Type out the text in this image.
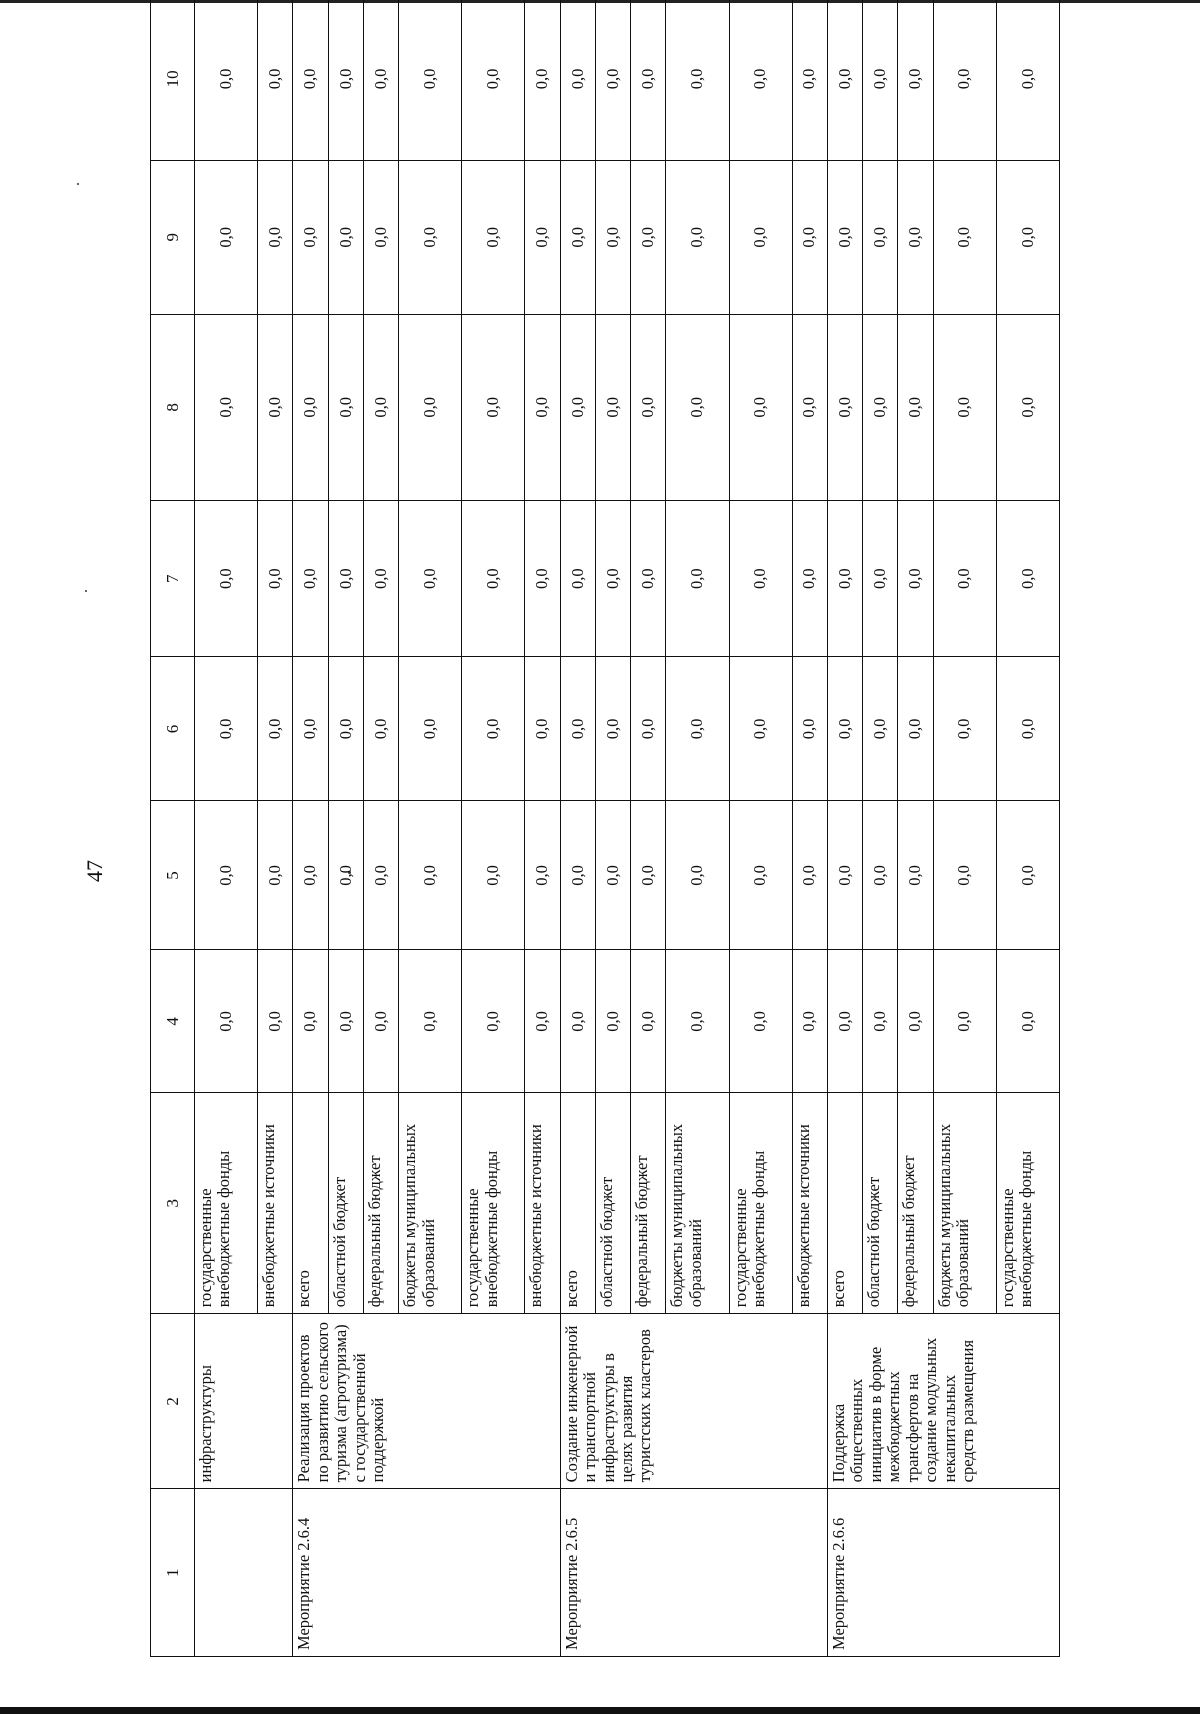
47
1	2	3	4	5	6	7	8	9	10
	инфраструктуры	государственные внебюджетные фонды	0,0	0,0	0,0	0,0	0,0	0,0	0,0
		внебюджетные источники	0,0	0,0	0,0	0,0	0,0	0,0	0,0
Мероприятие 2.6.4	Реализация проектов по развитию сельского туризма (агротуризма) с государственной поддержкой	всего	0,0	0,0	0,0	0,0	0,0	0,0	0,0
		областной бюджет	0,0	0,0	0,0	0,0	0,0	0,0	0,0
		федеральный бюджет	0,0	0,0	0,0	0,0	0,0	0,0	0,0
		бюджеты муниципальных образований	0,0	0,0	0,0	0,0	0,0	0,0	0,0
		государственные внебюджетные фонды	0,0	0,0	0,0	0,0	0,0	0,0	0,0
		внебюджетные источники	0,0	0,0	0,0	0,0	0,0	0,0	0,0
Мероприятие 2.6.5	Создание инженерной и транспортной инфраструктуры в целях развития туристских кластеров	всего	0,0	0,0	0,0	0,0	0,0	0,0	0,0
		областной бюджет	0,0	0,0	0,0	0,0	0,0	0,0	0,0
		федеральный бюджет	0,0	0,0	0,0	0,0	0,0	0,0	0,0
		бюджеты муниципальных образований	0,0	0,0	0,0	0,0	0,0	0,0	0,0
		государственные внебюджетные фонды	0,0	0,0	0,0	0,0	0,0	0,0	0,0
		внебюджетные источники	0,0	0,0	0,0	0,0	0,0	0,0	0,0
Мероприятие 2.6.6	Поддержка общественных инициатив в форме межбюджетных трансфертов на создание модульных некапитальных средств размещения	всего	0,0	0,0	0,0	0,0	0,0	0,0	0,0
		областной бюджет	0,0	0,0	0,0	0,0	0,0	0,0	0,0
		федеральный бюджет	0,0	0,0	0,0	0,0	0,0	0,0	0,0
		бюджеты муниципальных образований	0,0	0,0	0,0	0,0	0,0	0,0	0,0
		государственные внебюджетные фонды	0,0	0,0	0,0	0,0	0,0	0,0	0,0
